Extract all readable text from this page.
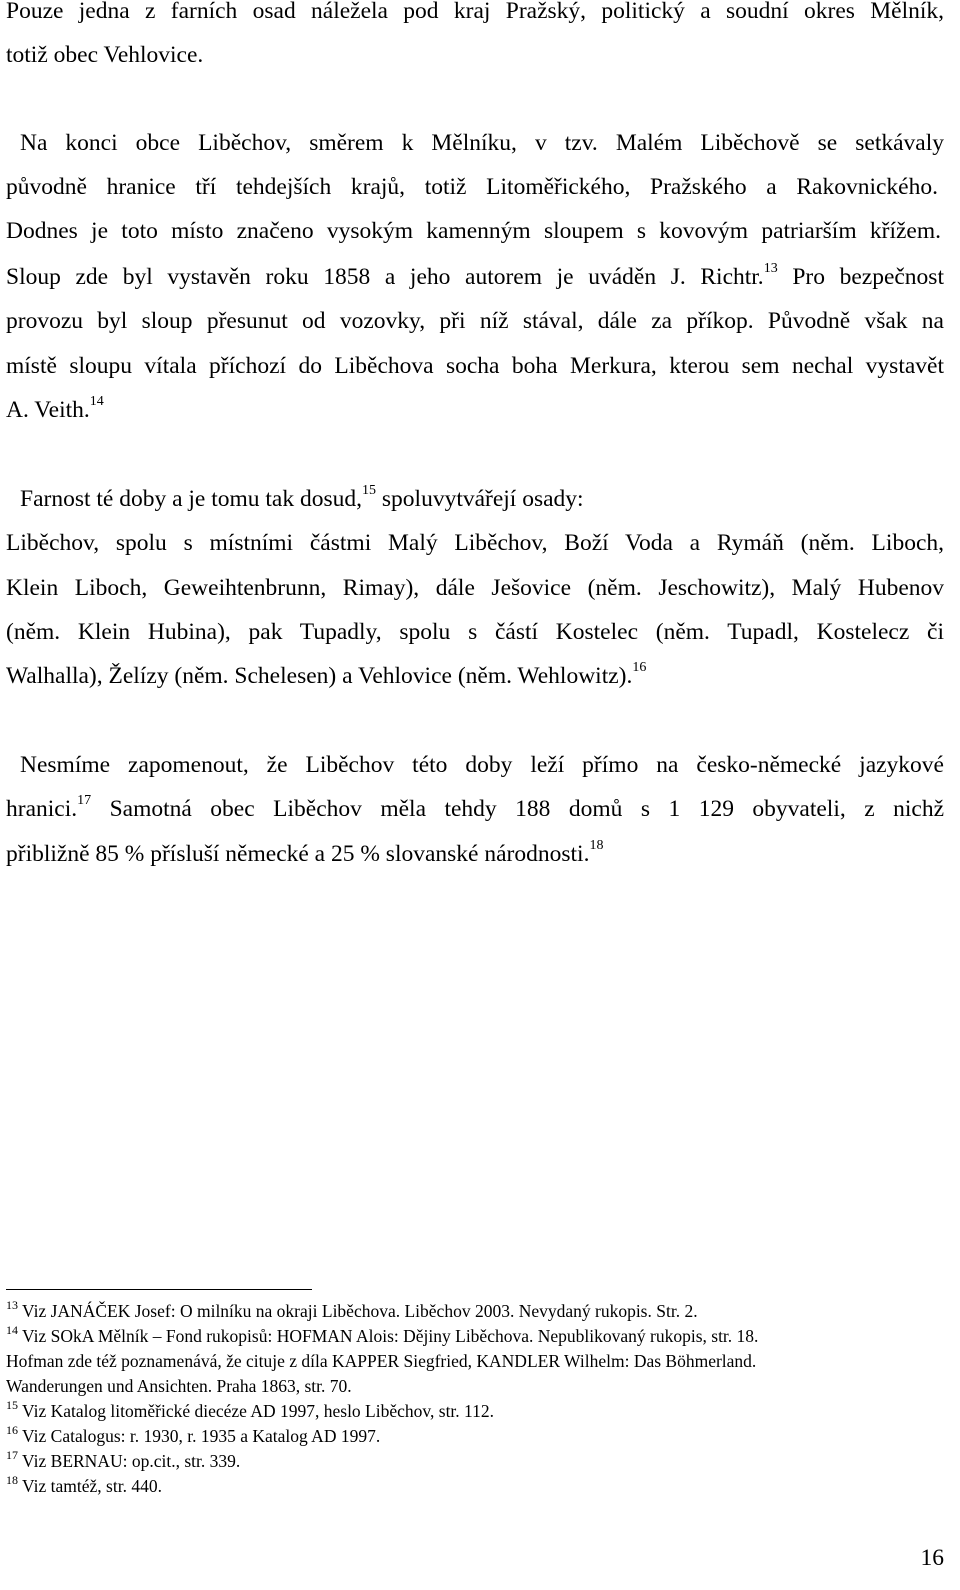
Pouze jedna z farních osad náležela pod kraj Pražský, politický a soudní okres Mělník,
totiž obec Vehlovice.
Na konci obce Liběchov, směrem k Mělníku, v tzv. Malém Liběchově se setkávaly
původně hranice tří tehdejších krajů, totiž Litoměřického, Pražského a Rakovnického.
Dodnes je toto místo značeno vysokým kamenným sloupem s kovovým patriarším křížem.
Sloup zde byl vystavěn roku 1858 a jeho autorem je uváděn J. Richtr.$^{13}$ Pro bezpečnost
provozu byl sloup přesunut od vozovky, při níž stával, dále za příkop. Původně však na
místě sloupu vítala příchozí do Liběchova socha boha Merkura, kterou sem nechal vystavět
A. Veith.$^{14}$
Farnost té doby a je tomu tak dosud,$^{15}$ spoluvytvářejí osady:
Liběchov, spolu s místními částmi Malý Liběchov, Boží Voda a Rymáň (něm. Liboch,
Klein Liboch, Geweihtenbrunn, Rimay), dále Ješovice (něm. Jeschowitz), Malý Hubenov
(něm. Klein Hubina), pak Tupadly, spolu s částí Kostelec (něm. Tupadl, Kostelecz či
Walhalla), Želízy (něm. Schelesen) a Vehlovice (něm. Wehlowitz).$^{16}$
Nesmíme zapomenout, že Liběchov této doby leží přímo na česko-německé jazykové
hranici.$^{17}$ Samotná obec Liběchov měla tehdy 188 domů s 1 129 obyvateli, z nichž
přibližně 85 % přísluší německé a 25 % slovanské národnosti.$^{18}$
$^{13}$ Viz JANÁČEK Josef: O milníku na okraji Liběchova. Liběchov 2003. Nevydaný rukopis. Str. 2.
$^{14}$ Viz SOkA Mělník – Fond rukopisů: HOFMAN Alois: Dějiny Liběchova. Nepublikovaný rukopis, str. 18.
Hofman zde též poznamenává, že cituje z díla KAPPER Siegfried, KANDLER Wilhelm: Das Böhmerland.
Wanderungen und Ansichten. Praha 1863, str. 70.
$^{15}$ Viz Katalog litoměřické diecéze AD 1997, heslo Liběchov, str. 112.
$^{16}$ Viz Catalogus: r. 1930, r. 1935 a Katalog AD 1997.
$^{17}$ Viz BERNAU: op.cit., str. 339.
$^{18}$ Viz tamtéž, str. 440.
16
